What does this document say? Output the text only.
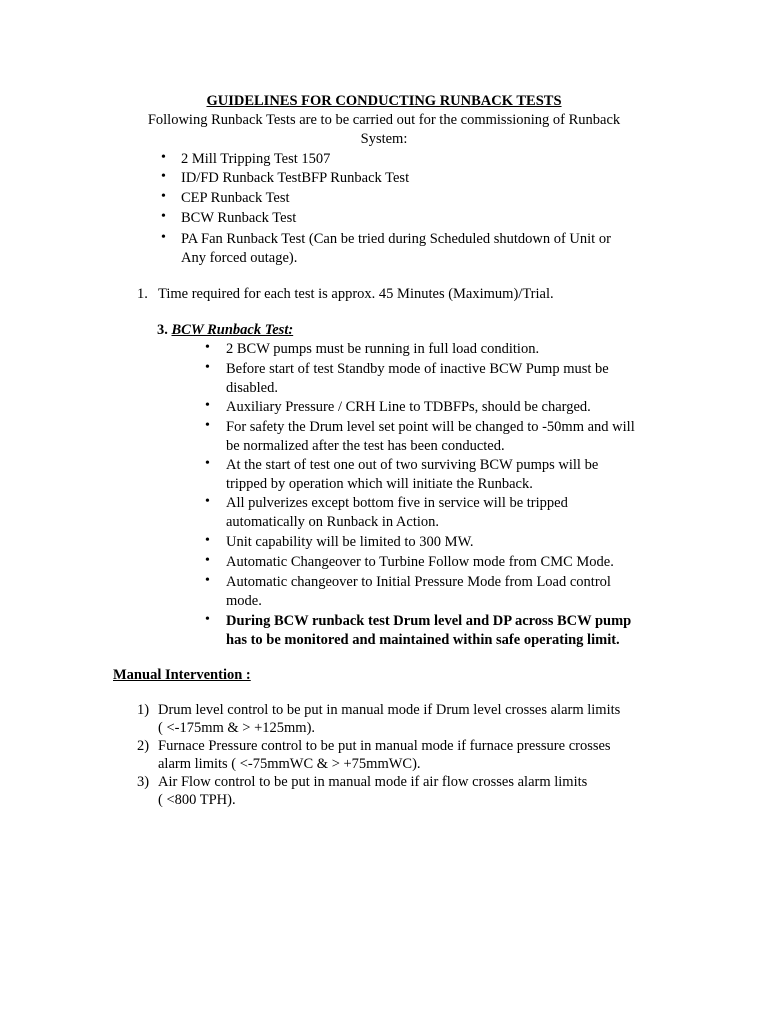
GUIDELINES FOR CONDUCTING RUNBACK TESTS
Following Runback Tests are to be carried out for the commissioning of Runback System:
• 2 Mill Tripping Test 1507
• ID/FD Runback TestBFP Runback Test
• CEP Runback Test
• BCW Runback Test
• PA Fan Runback Test (Can be tried during Scheduled shutdown of Unit or
Any forced outage).
1. Time required for each test is approx. 45 Minutes (Maximum)/Trial.
3. BCW Runback Test:
• 2 BCW pumps must be running in full load condition.
• Before start of test Standby mode of inactive BCW Pump must be
disabled.
• Auxiliary Pressure / CRH Line to TDBFPs, should be charged.
• For safety the Drum level set point will be changed to -50mm and will
be normalized after the test has been conducted.
• At the start of test one out of two surviving BCW pumps will be
tripped by operation which will initiate the Runback.
• All pulverizes except bottom five in service will be tripped
automatically on Runback in Action.
• Unit capability will be limited to 300 MW.
• Automatic Changeover to Turbine Follow mode from CMC Mode.
• Automatic changeover to Initial Pressure Mode from Load control
mode.
• During BCW runback test Drum level and DP across BCW pump
has to be monitored and maintained within safe operating limit.
Manual Intervention :
1) Drum level control to be put in manual mode if Drum level crosses alarm limits
( <-175mm & > +125mm).
2) Furnace Pressure control to be put in manual mode if furnace pressure crosses
alarm limits ( <-75mmWC & > +75mmWC).
3) Air Flow control to be put in manual mode if air flow crosses alarm limits
( <800 TPH).
